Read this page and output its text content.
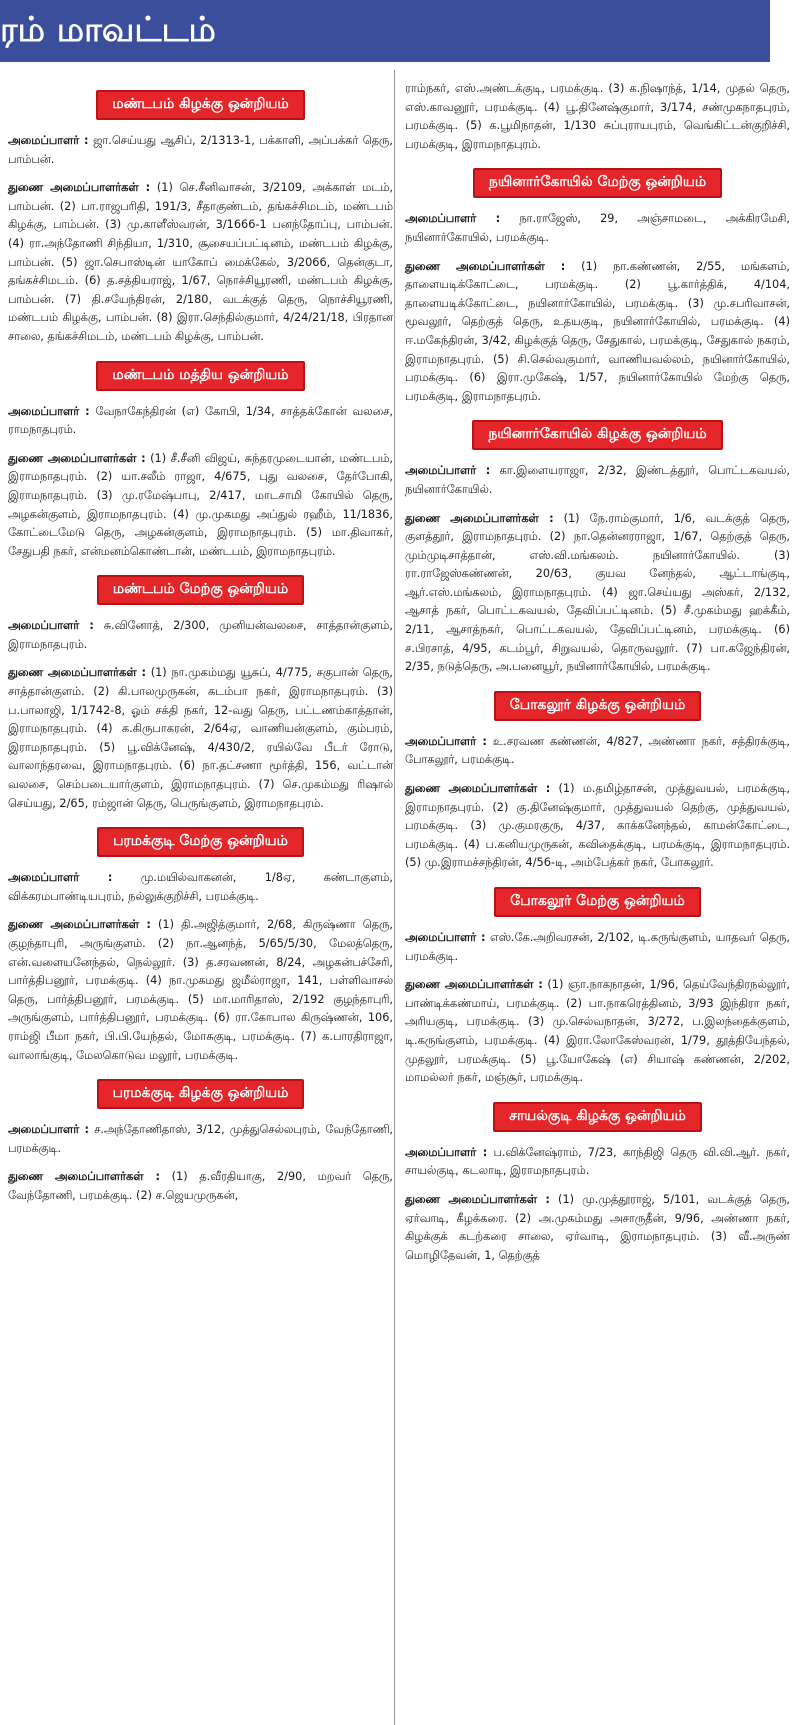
ரம் மாவட்டம்
மண்டபம் கிழக்கு ஒன்றியம்

அமைப்பாளர் : ஜா.செய்யது ஆசிப், 2/1313-1, பக்காளி, அப்பக்கர் தெரு, பாம்பன்.

துணை அமைப்பாளர்கள் : (1) செ.சீனிவாசன், 3/2109, அக்காள் மடம், பாம்பன். (2) பா.ராஜபரிதி, 191/3, சீதாகுண்டம், தங்கச்சிமடம், மண்டபம் கிழக்கு, பாம்பன். (3) மு.காளீஸ்வரன், 3/1666-1 பனந்தோப்பு, பாம்பன். (4) ரா.அந்தோணி சிந்தியா, 1/310, சூசையப்பட்டினம், மண்டபம் கிழக்கு, பாம்பன். (5) ஜா.செபாஸ்டின் யாகோப் மைக்கேல், 3/2066, தென்குடா, தங்கச்சிமடம். (6) த.சத்தியராஜ், 1/67, நொச்சியூரணி, மண்டபம் கிழக்கு, பாம்பன். (7) தி.சயேந்திரன், 2/180, வடக்குத் தெரு, நொச்சியூரணி, மண்டபம் கிழக்கு, பாம்பன். (8) இரா.செந்தில்குமார், 4/24/21/18, பிரதான சாலை, தங்கச்சிமடம், மண்டபம் கிழக்கு, பாம்பன்.

மண்டபம் மத்திய ஒன்றியம்

அமைப்பாளர் : வேநாகேந்திரன் (எ) கோபி, 1/34, சாத்தக்கோன் வலசை, ராமநாதபுரம்.

துணை அமைப்பாளர்கள் : (1) சீ.சீனி விஜய், சுந்தரமுடையான், மண்டபம், இராமநாதபுரம். (2) யா.சலீம் ராஜா, 4/675, புது வலசை, தேர்போகி, இராமநாதபுரம். (3) மு.ரமேஷ்பாபு, 2/417, மாடசாமி கோயில் தெரு, அழகன்குளம், இராமநாதபுரம். (4) மு.முகமது அப்துல் ரஹீம், 11/1836, கோட்டைமேடு தெரு, அழகன்குளம், இராமநாதபுரம். (5) மா.திவாகர், சேதுபதி நகர், என்மனம்கொண்டான், மண்டபம், இராமநாதபுரம்.

மண்டபம் மேற்கு ஒன்றியம்

அமைப்பாளர் : சு.வினோத், 2/300, முனியன்வலசை, சாத்தான்குளம், இராமநாதபுரம்.

துணை அமைப்பாளர்கள் : (1) நா.முகம்மது யூசுப், 4/775, சகுபான் தெரு, சாத்தான்குளம். (2) கி.பாலமுருகன், கடம்பா நகர், இராமநாதபுரம். (3) ப.பாலாஜி, 1/1742-8, ஓம் சக்தி நகர், 12-வது தெரு, பட்டணம்காத்தான், இராமநாதபுரம். (4) க.கிருபாகரன், 2/64ஏ, வாணியன்குளம், கும்பரம், இராமநாதபுரம். (5) பூ.விக்னேஷ், 4/430/2, ரயில்வே பீடர் ரோடு, வாலாந்தரவை, இராமநாதபுரம். (6) நா.தட்சணா மூர்த்தி, 156, வட்டான் வலசை, செம்படையார்குளம், இராமநாதபுரம். (7) செ.முகம்மது ரிஷால் செய்யது, 2/65, ரம்ஜான் தெரு, பெருங்குளம், இராமநாதபுரம்.

பரமக்குடி மேற்கு ஒன்றியம்

அமைப்பாளர் :	மு.மயில்வாகனன், 1/8ஏ, கண்டாகுளம், விக்கரமபாண்டியபுரம், நல்லுக்குறிச்சி, பரமக்குடி.

துணை அமைப்பாளர்கள் : (1) தி.அஜித்குமார், 2/68, கிருஷ்ணா தெரு, குழந்தாபுரி, அருங்குளம். (2) நா.ஆனந்த், 5/65/5/30, மேலத்தெரு, என்.வளையனேந்தல், நெல்லூர். (3) த.சரவணன், 8/24, அழகன்பச்சேரி, பார்த்திபனூர், பரமக்குடி. (4) நா.முகமது ஜமீல்ராஜா, 141, பள்ளிவாசல் தெரு, பார்த்திபனூர், பரமக்குடி. (5) மா.மாரிதாஸ், 2/192 குழந்தாபுரி, அருங்குளம், பார்த்திபனூர், பரமக்குடி. (6) ரா.கோபால கிருஷ்ணன், 106, ராம்ஜி பீமா நகர், பி.பி.யேந்தல், மோசுகுடி, பரமக்குடி. (7) க.பாரதிராஜா, வாலாங்குடி, மேலகொடுவ மலூர், பரமக்குடி.

பரமக்குடி கிழக்கு ஒன்றியம்

அமைப்பாளர் : ச.அந்தோணிதாஸ், 3/12, முத்துசெல்லபுரம், வேந்தோணி, பரமக்குடி.

துணை அமைப்பாளர்கள் : (1) த.வீரதியாகு, 2/90, மறவர் தெரு, வேந்தோணி, பரமக்குடி. (2) ச.ஜெயமுருகன்,

ராம்நகர், எஸ்.அண்டக்குடி, பரமக்குடி. (3) க.நிஷாந்த், 1/14, முதல் தெரு, எஸ்.காவனூர், பரமக்குடி. (4) பூ.தினேஷ்குமார், 3/174, சண்முகநாதபுரம், பரமக்குடி. (5) க.பூமிநாதன், 1/130 சுப்புராயபுரம், வெங்கிட்டன்குறிச்சி, பரமக்குடி, இராமநாதபுரம்.

நயினார்கோயில் மேற்கு ஒன்றியம்

அமைப்பாளர் : நா.ராஜேஸ், 29, அஞ்சாமடை, அக்கிரமேசி, நயினார்கோயில், பரமக்குடி.

துணை அமைப்பாளர்கள் : (1) நா.கண்ணன், 2/55, மங்களம், தாளையடிக்கோட்டை, பரமக்குடி. (2) பூ.கார்த்திக், 4/104, தாளையடிக்கோட்டை, நயினார்கோயில், பரமக்குடி. (3) மு.சபரிவாசன், மூவலூர், தெற்குத் தெரு, உதயகுடி, நயினார்கோயில், பரமக்குடி. (4) ஈ.மகேந்திரன், 3/42, கிழக்குத் தெரு, சேதுகால், பரமக்குடி, சேதுகால் நகரம், இராமநாதபுரம். (5) சி.செல்வகுமார், வாணியவல்லம், நயினார்கோயில், பரமக்குடி. (6) இரா.முகேஷ், 1/57, நயினார்கோயில் மேற்கு தெரு, பரமக்குடி, இராமநாதபுரம்.

நயினார்கோயில் கிழக்கு ஒன்றியம்

அமைப்பாளர் : கா.இளையராஜா, 2/32, இண்டத்தூர், பொட்டகவயல், நயினார்கோயில்.

துணை அமைப்பாளர்கள் : (1) நே.ராம்குமார், 1/6, வடக்குத் தெரு, குளத்தூர், இராமநாதபுரம். (2) நா.தென்னரராஜா, 1/67, தெற்குத் தெரு, மும்முடிசாத்தான், எஸ்.வி.மங்கலம். நயினார்கோயில். (3) ரா.ராஜேஸ்கண்ணன், 20/63, குயவ னேந்தல், ஆட்டாங்குடி, ஆர்.எஸ்.மங்கலம், இராமநாதபுரம். (4) ஜா.செய்யது அஸ்கர், 2/132, ஆசாத் நகர், பொட்டகவயல், தேவிப்பட்டினம். (5) சீ.முகம்மது ஹக்கீம், 2/11, ஆசாத்நகர், பொட்டகவயல், தேவிப்பட்டினம், பரமக்குடி. (6) ச.பிரசாத், 4/95, கடம்பூர், சிறுவயல், தொருவலூர். (7) பா.கஜேந்திரன், 2/35, நடுத்தெரு, அ.பனையூர், நயினார்கோயில், பரமக்குடி.

போகலூர் கிழக்கு ஒன்றியம்

அமைப்பாளர் : உ.சரவண கண்ணன், 4/827, அண்ணா நகர், சத்திரக்குடி, போகலூர், பரமக்குடி.

துணை அமைப்பாளர்கள் : (1) ம.தமிழ்தாசன், முத்துவயல், பரமக்குடி, இராமநாதபுரம். (2) கு.தினேஷ்குமார், முத்துவயல் தெற்கு, முத்துவயல், பரமக்குடி. (3) மு.குமரகுரு, 4/37, காக்கனேந்தல், காமன்கோட்டை, பரமக்குடி. (4) ப.கனியமுருகன், கவிதைக்குடி, பரமக்குடி, இராமநாதபுரம். (5) மு.இராமச்சந்திரன், 4/56-டி, அம்பேத்கர் நகர், போகலூர்.

போகலூர் மேற்கு ஒன்றியம்

அமைப்பாளர் : எஸ்.கே.அறிவரசன், 2/102, டி.கருங்குளம், யாதவர் தெரு, பரமக்குடி.

துணை அமைப்பாளர்கள் : (1) ஞா.நாகநாதன், 1/96, தெய்வேந்திரநல்லூர், பாண்டிக்கண்மாய், பரமக்குடி. (2) பா.நாகரெத்தினம், 3/93 இந்திரா நகர், அரியகுடி, பரமக்குடி. (3) மு.செல்வநாதன், 3/272, ப.இலந்தைக்குளம், டி.கருங்குளம், பரமக்குடி. (4) இரா.லோகேஸ்வரன், 1/79, தூத்தியேந்தல், முதலூர், பரமக்குடி. (5) பூ.யோகேஷ் (எ) சியாஷ் கண்ணன், 2/202, மாமல்லர் நகர், மஞ்சூர், பரமக்குடி.

சாயல்குடி கிழக்கு ஒன்றியம்

அமைப்பாளர் : ப.விக்னேஷ்ராம், 7/23, காந்திஜி தெரு வி.வி.ஆர். நகர், சாயல்குடி, கடலாடி, இராமநாதபுரம்.

துணை அமைப்பாளர்கள் : (1) மு.முத்தூராஜ், 5/101, வடக்குத் தெரு, ஏர்வாடி, கீழக்கரை. (2) அ.முகம்மது அசாருதீன், 9/96, அண்ணா நகர், கிழக்குக் கடற்கரை சாலை, ஏர்வாடி, இராமநாதபுரம். (3) வீ.அருண் மொழிதேவன், 1, தெற்குத்
